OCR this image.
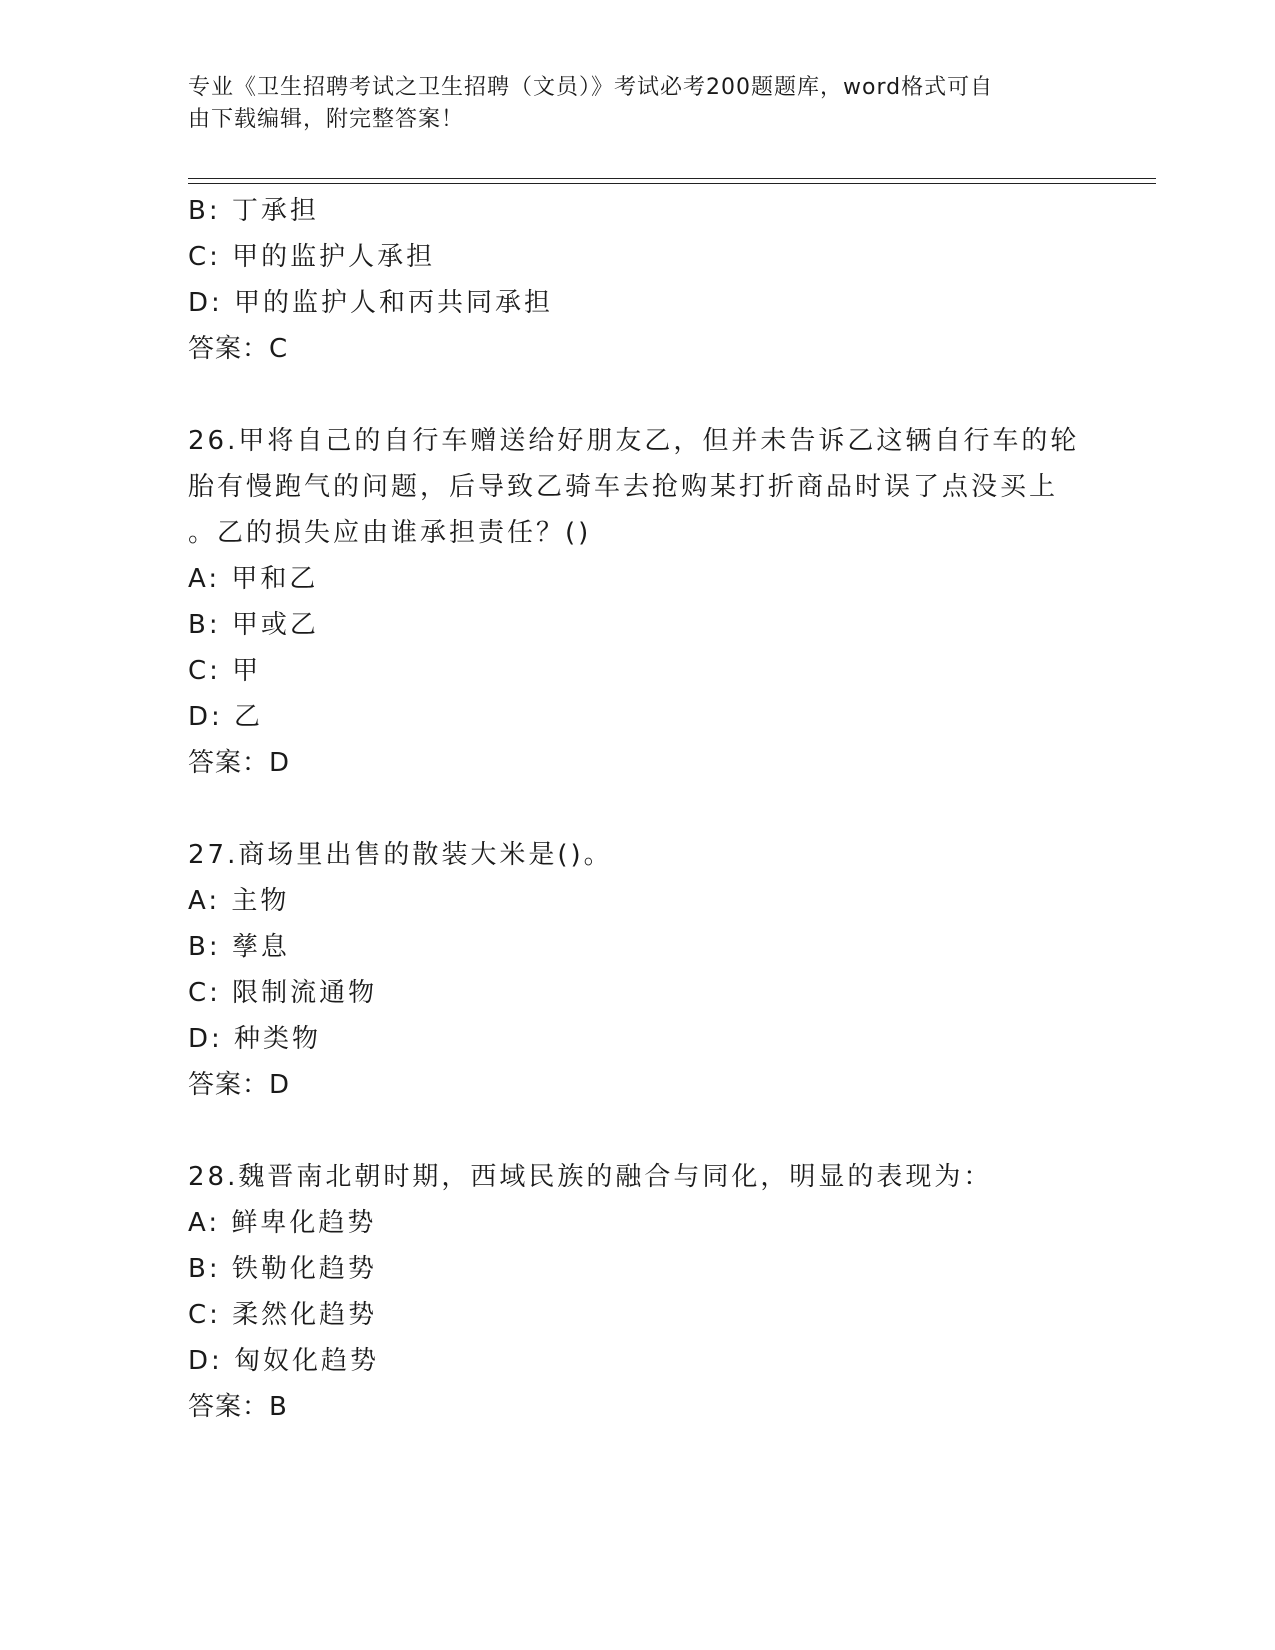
专业《卫生招聘考试之卫生招聘（文员）》考试必考200题题库，word格式可自
由下载编辑，附完整答案！
B: 丁承担
C: 甲的监护人承担
D: 甲的监护人和丙共同承担
答案：C
26.甲将自己的自行车赠送给好朋友乙，但并未告诉乙这辆自行车的轮
胎有慢跑气的问题，后导致乙骑车去抢购某打折商品时误了点没买上
。乙的损失应由谁承担责任？()
A: 甲和乙
B: 甲或乙
C: 甲
D: 乙
答案：D
27.商场里出售的散装大米是()。
A: 主物
B: 孳息
C: 限制流通物
D: 种类物
答案：D
28.魏晋南北朝时期，西域民族的融合与同化，明显的表现为：
A: 鲜卑化趋势
B: 铁勒化趋势
C: 柔然化趋势
D: 匈奴化趋势
答案：B
